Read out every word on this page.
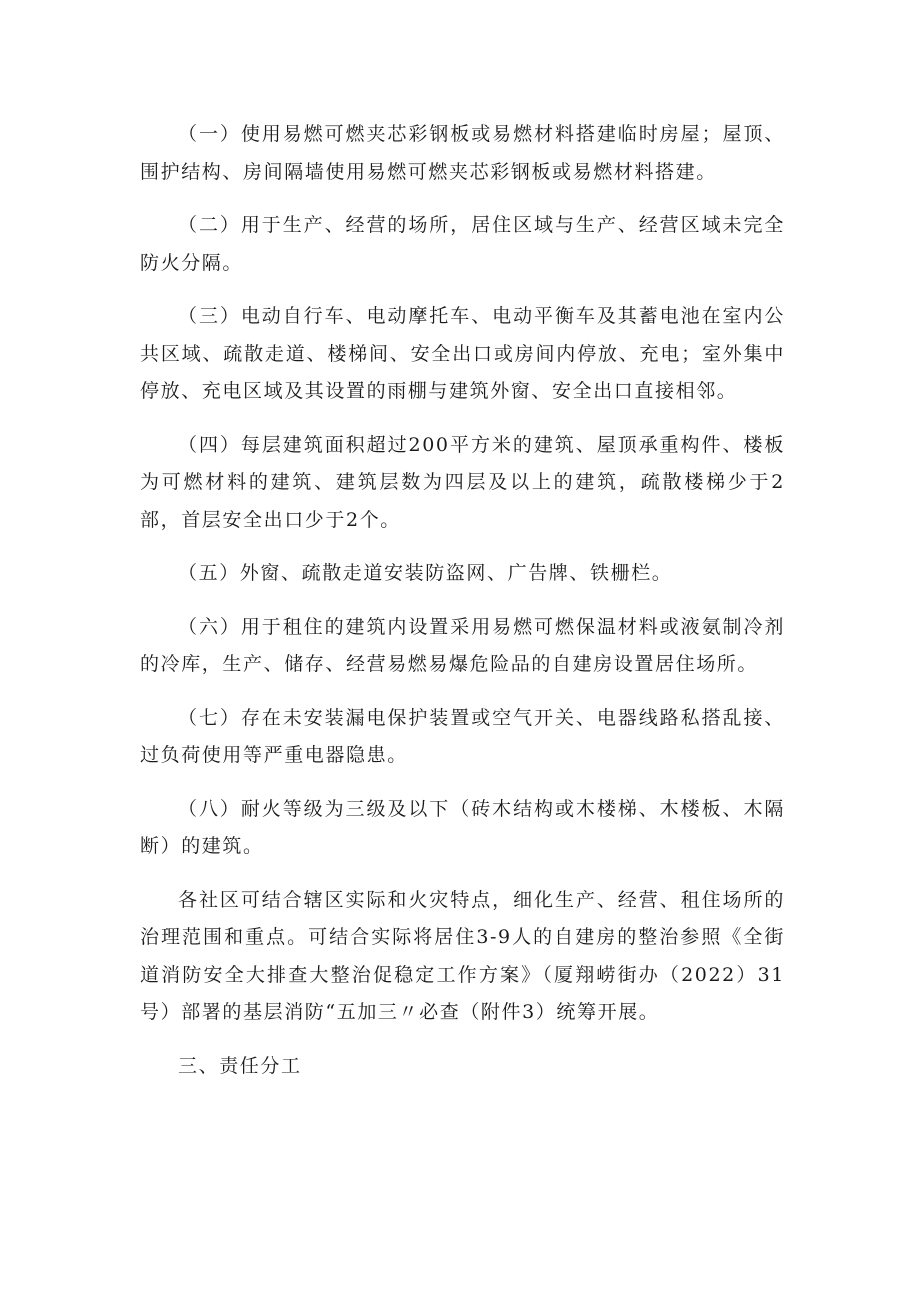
（一）使用易燃可燃夹芯彩钢板或易燃材料搭建临时房屋；屋顶、围护结构、房间隔墙使用易燃可燃夹芯彩钢板或易燃材料搭建。

（二）用于生产、经营的场所，居住区域与生产、经营区域未完全防火分隔。

（三）电动自行车、电动摩托车、电动平衡车及其蓄电池在室内公共区域、疏散走道、楼梯间、安全出口或房间内停放、充电；室外集中停放、充电区域及其设置的雨棚与建筑外窗、安全出口直接相邻。

（四）每层建筑面积超过200平方米的建筑、屋顶承重构件、楼板为可燃材料的建筑、建筑层数为四层及以上的建筑，疏散楼梯少于2部，首层安全出口少于2个。

（五）外窗、疏散走道安装防盗网、广告牌、铁栅栏。

（六）用于租住的建筑内设置采用易燃可燃保温材料或液氨制冷剂的冷库，生产、储存、经营易燃易爆危险品的自建房设置居住场所。

（七）存在未安装漏电保护装置或空气开关、电器线路私搭乱接、过负荷使用等严重电器隐患。

（八）耐火等级为三级及以下（砖木结构或木楼梯、木楼板、木隔断）的建筑。

各社区可结合辖区实际和火灾特点，细化生产、经营、租住场所的治理范围和重点。可结合实际将居住3-9人的自建房的整治参照《全街道消防安全大排查大整治促稳定工作方案》（厦翔崂街办（2022）31号）部署的基层消防“五加三〃必查（附件3）统筹开展。

三、责任分工
